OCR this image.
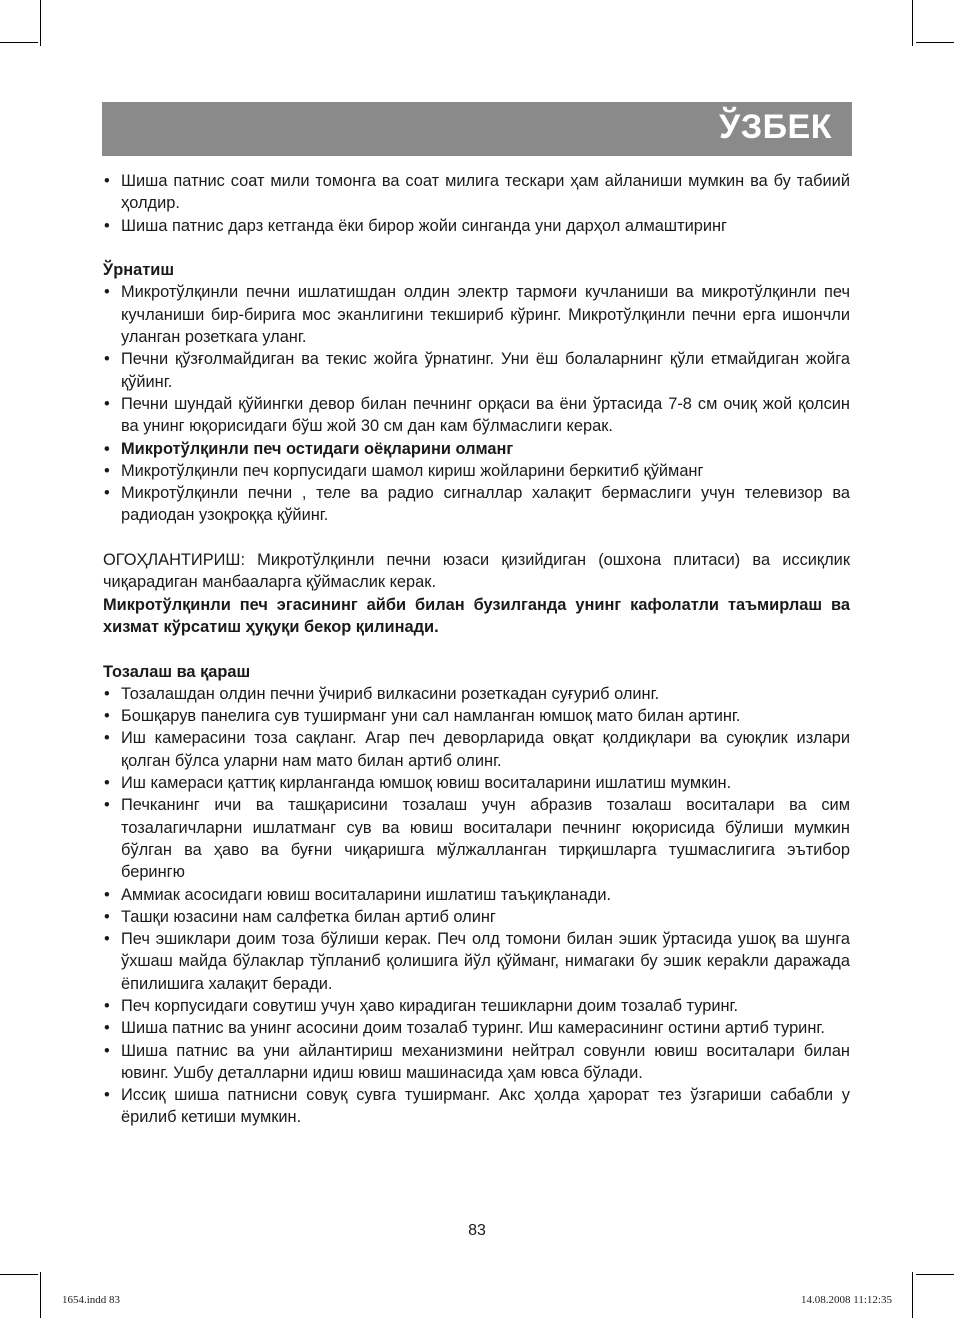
ЎЗБЕК
• Шиша патнис соат мили томонга ва соат милига тескари ҳам айланиши мумкин ва бу табиий ҳолдир.
• Шиша патнис дарз кетганда ёки бирор жойи синганда уни дарҳол алмаштиринг

Ўрнатиш

• Микротўлқинли печни ишлатишдан олдин электр тармоғи кучланиши ва микротўлқинли печ кучланиши бир-бирига мос эканлигини текшириб кўринг. Микротўлқинли печни ерга ишончли уланган розеткага уланг.
• Печни қўзғолмайдиган ва текис жойга ўрнатинг. Уни ёш болаларнинг қўли етмайдиган жойга қўйинг.
• Печни шундай қўйингки девор билан печнинг орқаси ва ёни ўртасида 7-8 см очиқ жой қолсин ва унинг юқорисидаги бўш жой 30 см дан кам бўлмаслиги керак.
• Микротўлқинли печ остидаги оёқларини олманг
• Микротўлқинли печ корпусидаги шамол кириш жойларини беркитиб қўйманг
• Микротўлқинли печни , теле ва радио сигналлар халақит бермаслиги учун телевизор ва радиодан узоқроққа қўйинг.

ОГОҲЛАНТИРИШ: Микротўлқинли печни юзаси қизийдиган (ошхона плитаси) ва иссиқлик чиқарадиган манбаaларга қўймаслик керак.

Микротўлқинли печ эгасининг айби билан бузилганда унинг кафолатли таъмирлаш ва хизмат кўрсатиш ҳуқуқи бекор қилинади.

Тозалаш ва қараш

• Тозалашдан олдин печни ўчириб вилкасини розеткадан суғуриб олинг.
• Бошқарув панелига сув туширманг уни сал намланган юмшоқ мато билан артинг.
• Иш камерасини тоза сақланг. Агар печ деворларида овқат қолдиқлари ва суюқлик излари қолган бўлса уларни нам мато билан артиб олинг.
• Иш камераси қаттиқ кирланганда юмшоқ ювиш воситаларини ишлатиш мумкин.
• Печканинг ичи ва ташқарисини тозалаш учун абразив тозалаш воситалари ва сим тозалагичларни ишлатманг сув ва ювиш воситалари печнинг юқорисида бўлиши мумкин бўлган ва ҳаво ва буғни чиқаришга мўлжалланган тирқишларга тушмаслигига эътибор берингю
• Аммиак асосидаги ювиш воситаларини ишлатиш таъқиқланади.
• Ташқи юзасини нам салфетка билан артиб олинг
• Печ эшиклари доим тоза бўлиши керак. Печ олд томони билан эшик ўртасида ушоқ ва шунга ўхшаш майда бўлаклар тўпланиб қолишига йўл қўйманг, нимагаки бу эшик кераkли даражада ёпилишига халақит беради.
• Печ корпусидаги совутиш учун ҳаво кирадиган тешикларни доим тозалаб туринг.
• Шиша патнис ва унинг асосини доим тозалаб туринг. Иш камерасининг остини артиб туринг.
• Шиша патнис ва уни айлантириш механизмини нейтрал совунли ювиш воситалари билан ювинг. Ушбу деталларни идиш ювиш машинасида ҳам ювса бўлади.
• Иссиқ шиша патнисни совуқ сувга туширманг. Акс ҳолда ҳарорат тез ўзгариши сабабли у ёрилиб кетиши мумкин.
83
1654.indd 83	14.08.2008 11:12:35
